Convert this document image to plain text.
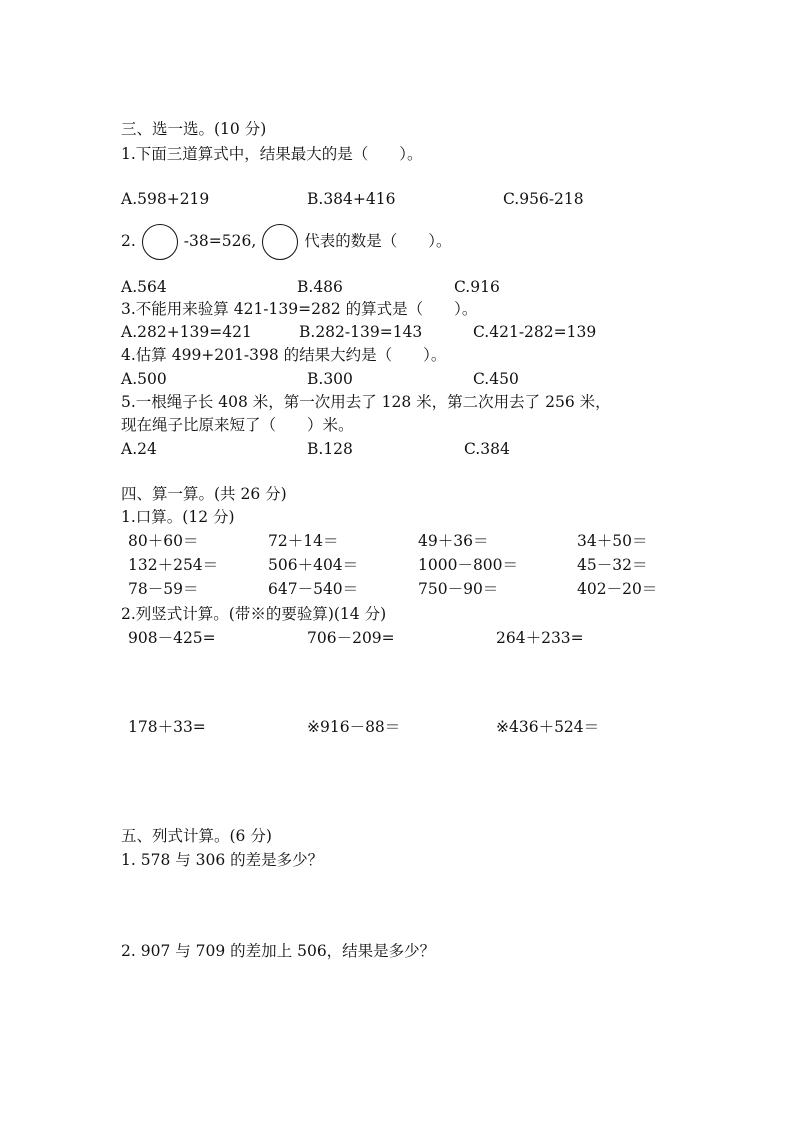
三、选一选。(10 分)
1.下面三道算式中，结果最大的是（　　）。
A.598+219	B.384+416	C.956-218
2.	-38=526,	代表的数是（　　）。
A.564	B.486	C.916
3.不能用来验算 421-139=282 的算式是（　　）。
A.282+139=421	B.282-139=143	C.421-282=139
4.估算 499+201-398 的结果大约是（　　）。
A.500	B.300	C.450
5.一根绳子长 408 米，第一次用去了 128 米，第二次用去了 256 米，
现在绳子比原来短了（　　）米。
A.24	B.128	C.384
四、算一算。(共 26 分)
1.口算。(12 分)
80＋60＝	72＋14＝	49＋36＝	34＋50＝
132＋254＝	506＋404＝	1000－800＝	45－32＝
78－59＝	647－540＝	750－90＝	402－20＝
2.列竖式计算。(带※的要验算)(14 分)
908－425=	706－209=	264＋233=
178＋33=	※916－88＝	※436＋524＝
五、列式计算。(6 分)
1. 578 与 306 的差是多少？
2. 907 与 709 的差加上 506，结果是多少？
